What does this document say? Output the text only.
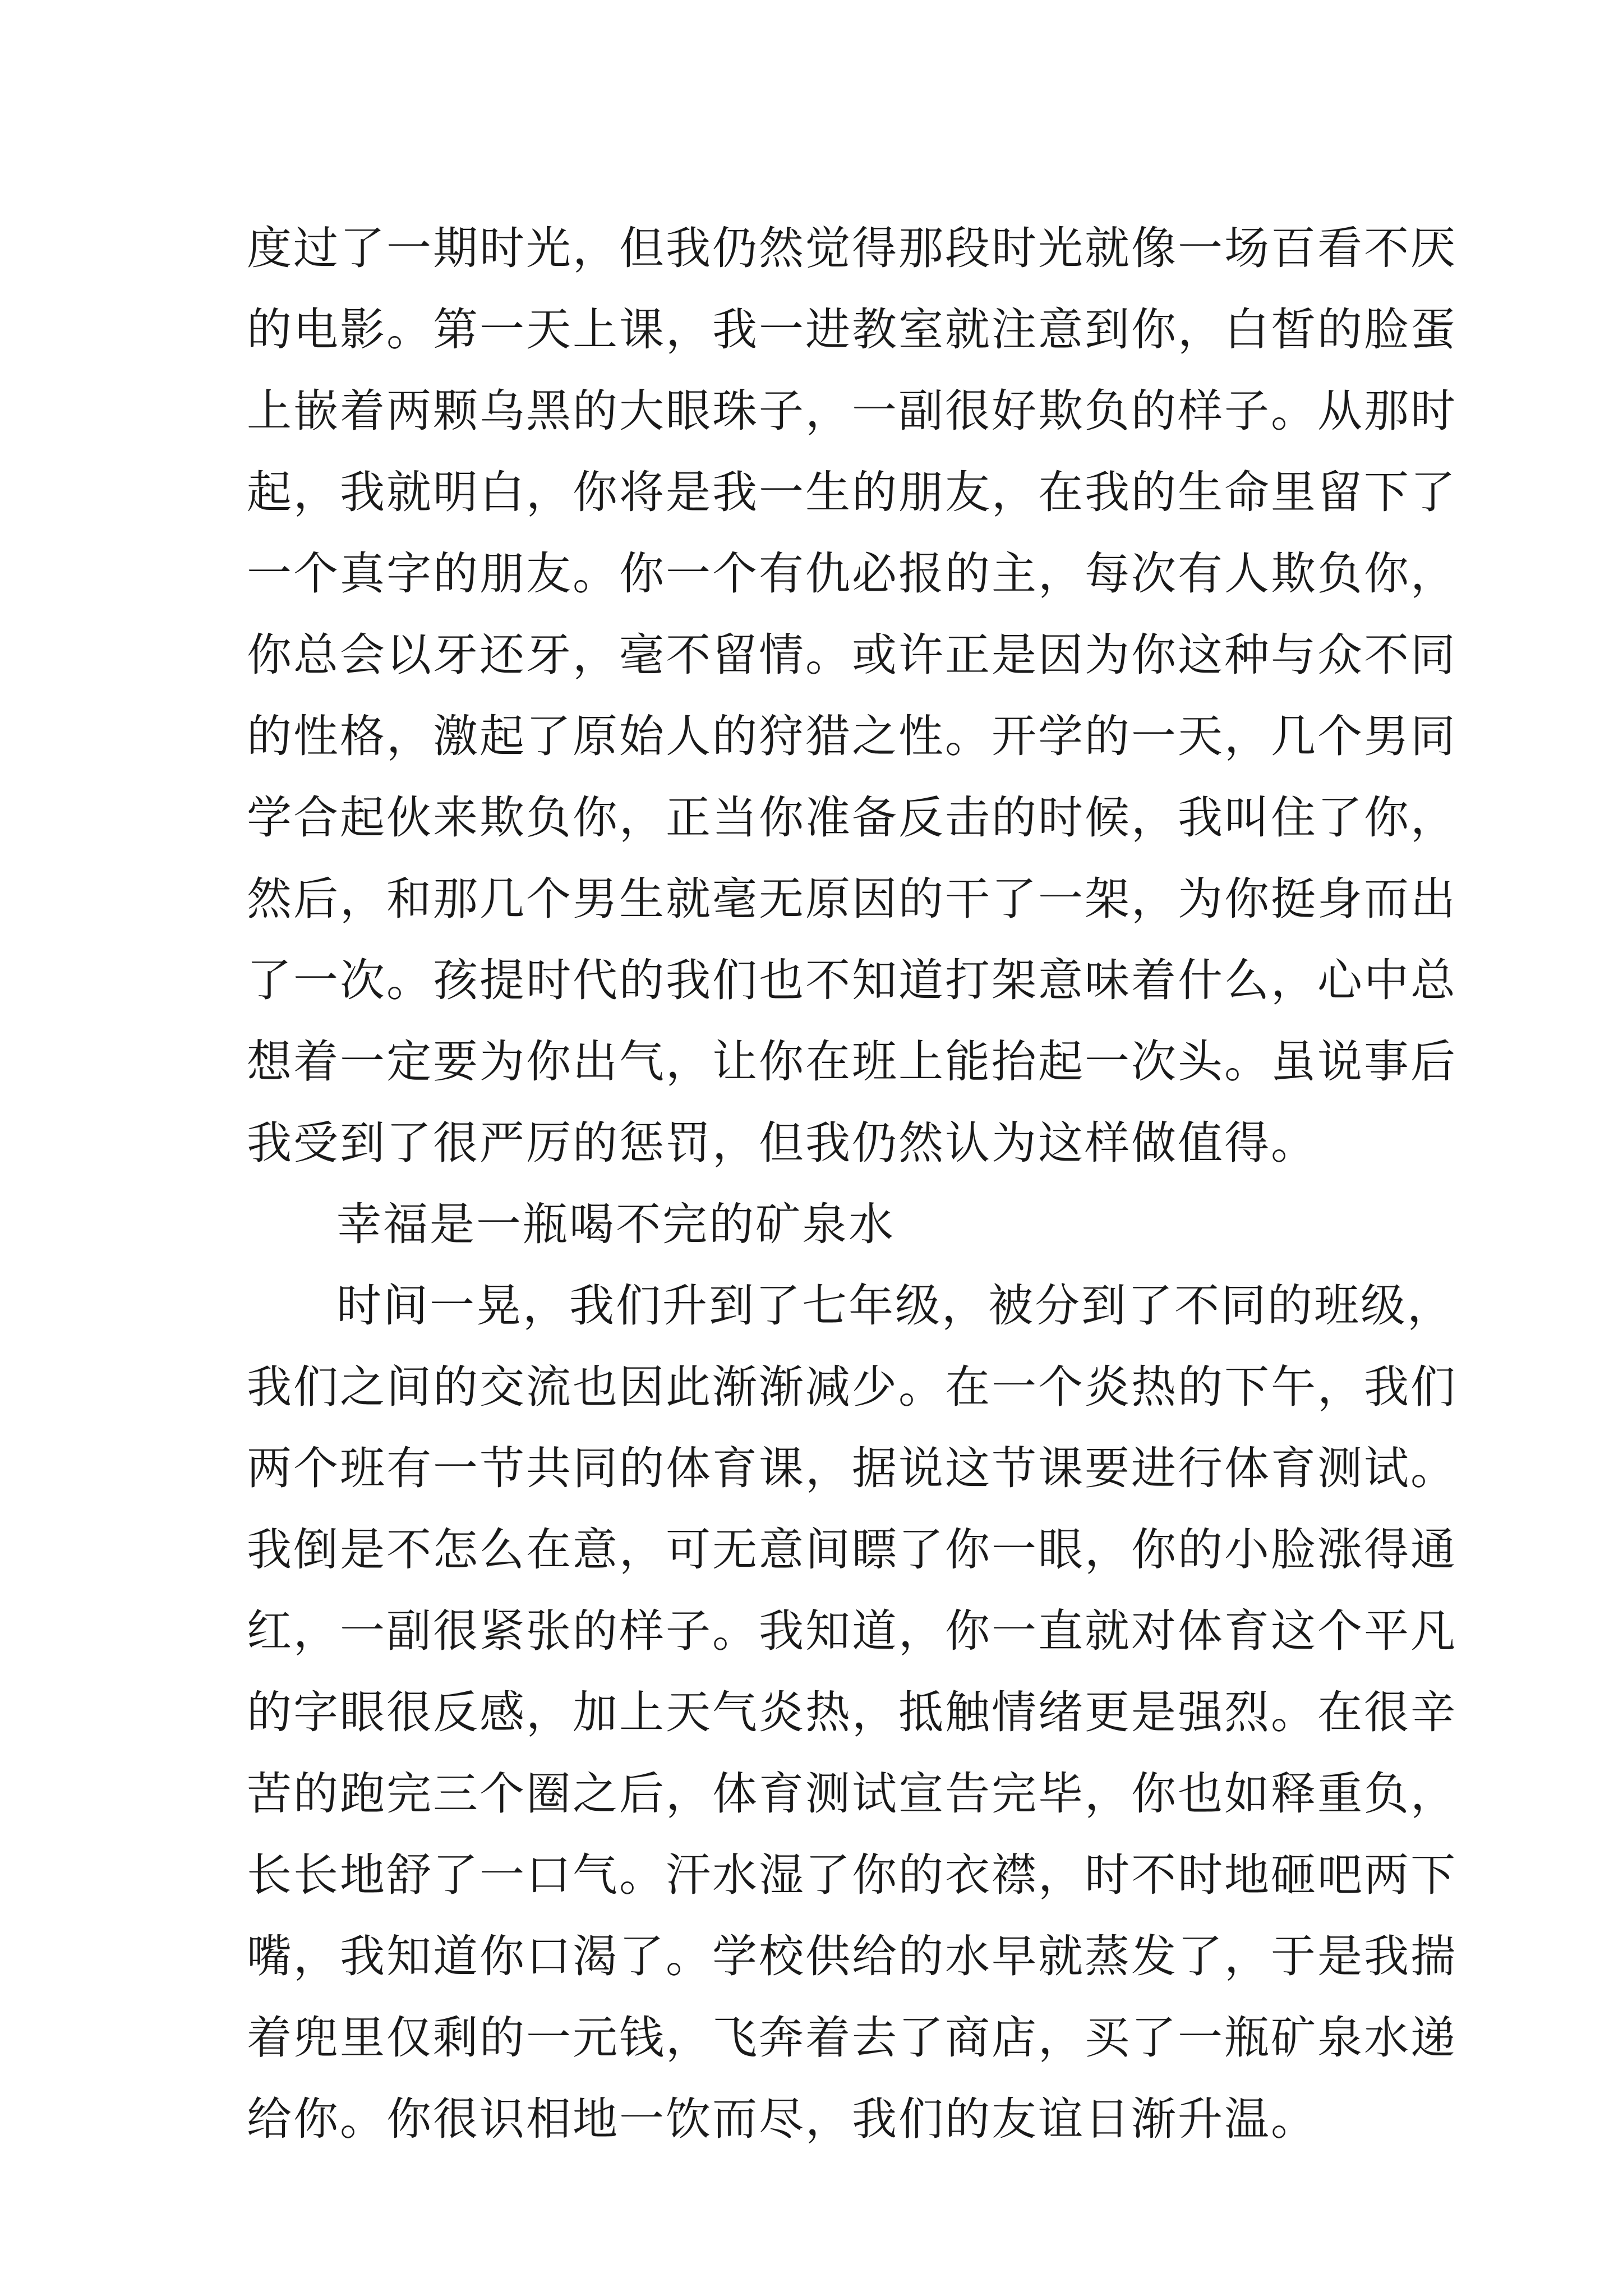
度过了一期时光，但我仍然觉得那段时光就像一场百看不厌
的电影。第一天上课，我一进教室就注意到你，白皙的脸蛋
上嵌着两颗乌黑的大眼珠子，一副很好欺负的样子。从那时
起，我就明白，你将是我一生的朋友，在我的生命里留下了
一个真字的朋友。你一个有仇必报的主，每次有人欺负你，
你总会以牙还牙，毫不留情。或许正是因为你这种与众不同
的性格，激起了原始人的狩猎之性。开学的一天，几个男同
学合起伙来欺负你，正当你准备反击的时候，我叫住了你，
然后，和那几个男生就毫无原因的干了一架，为你挺身而出
了一次。孩提时代的我们也不知道打架意味着什么，心中总
想着一定要为你出气，让你在班上能抬起一次头。虽说事后
我受到了很严厉的惩罚，但我仍然认为这样做值得。
幸福是一瓶喝不完的矿泉水
时间一晃，我们升到了七年级，被分到了不同的班级，
我们之间的交流也因此渐渐减少。在一个炎热的下午，我们
两个班有一节共同的体育课，据说这节课要进行体育测试。
我倒是不怎么在意，可无意间瞟了你一眼，你的小脸涨得通
红，一副很紧张的样子。我知道，你一直就对体育这个平凡
的字眼很反感，加上天气炎热，抵触情绪更是强烈。在很辛
苦的跑完三个圈之后，体育测试宣告完毕，你也如释重负，
长长地舒了一口气。汗水湿了你的衣襟，时不时地砸吧两下
嘴，我知道你口渴了。学校供给的水早就蒸发了，于是我揣
着兜里仅剩的一元钱，飞奔着去了商店，买了一瓶矿泉水递
给你。你很识相地一饮而尽，我们的友谊日渐升温。
